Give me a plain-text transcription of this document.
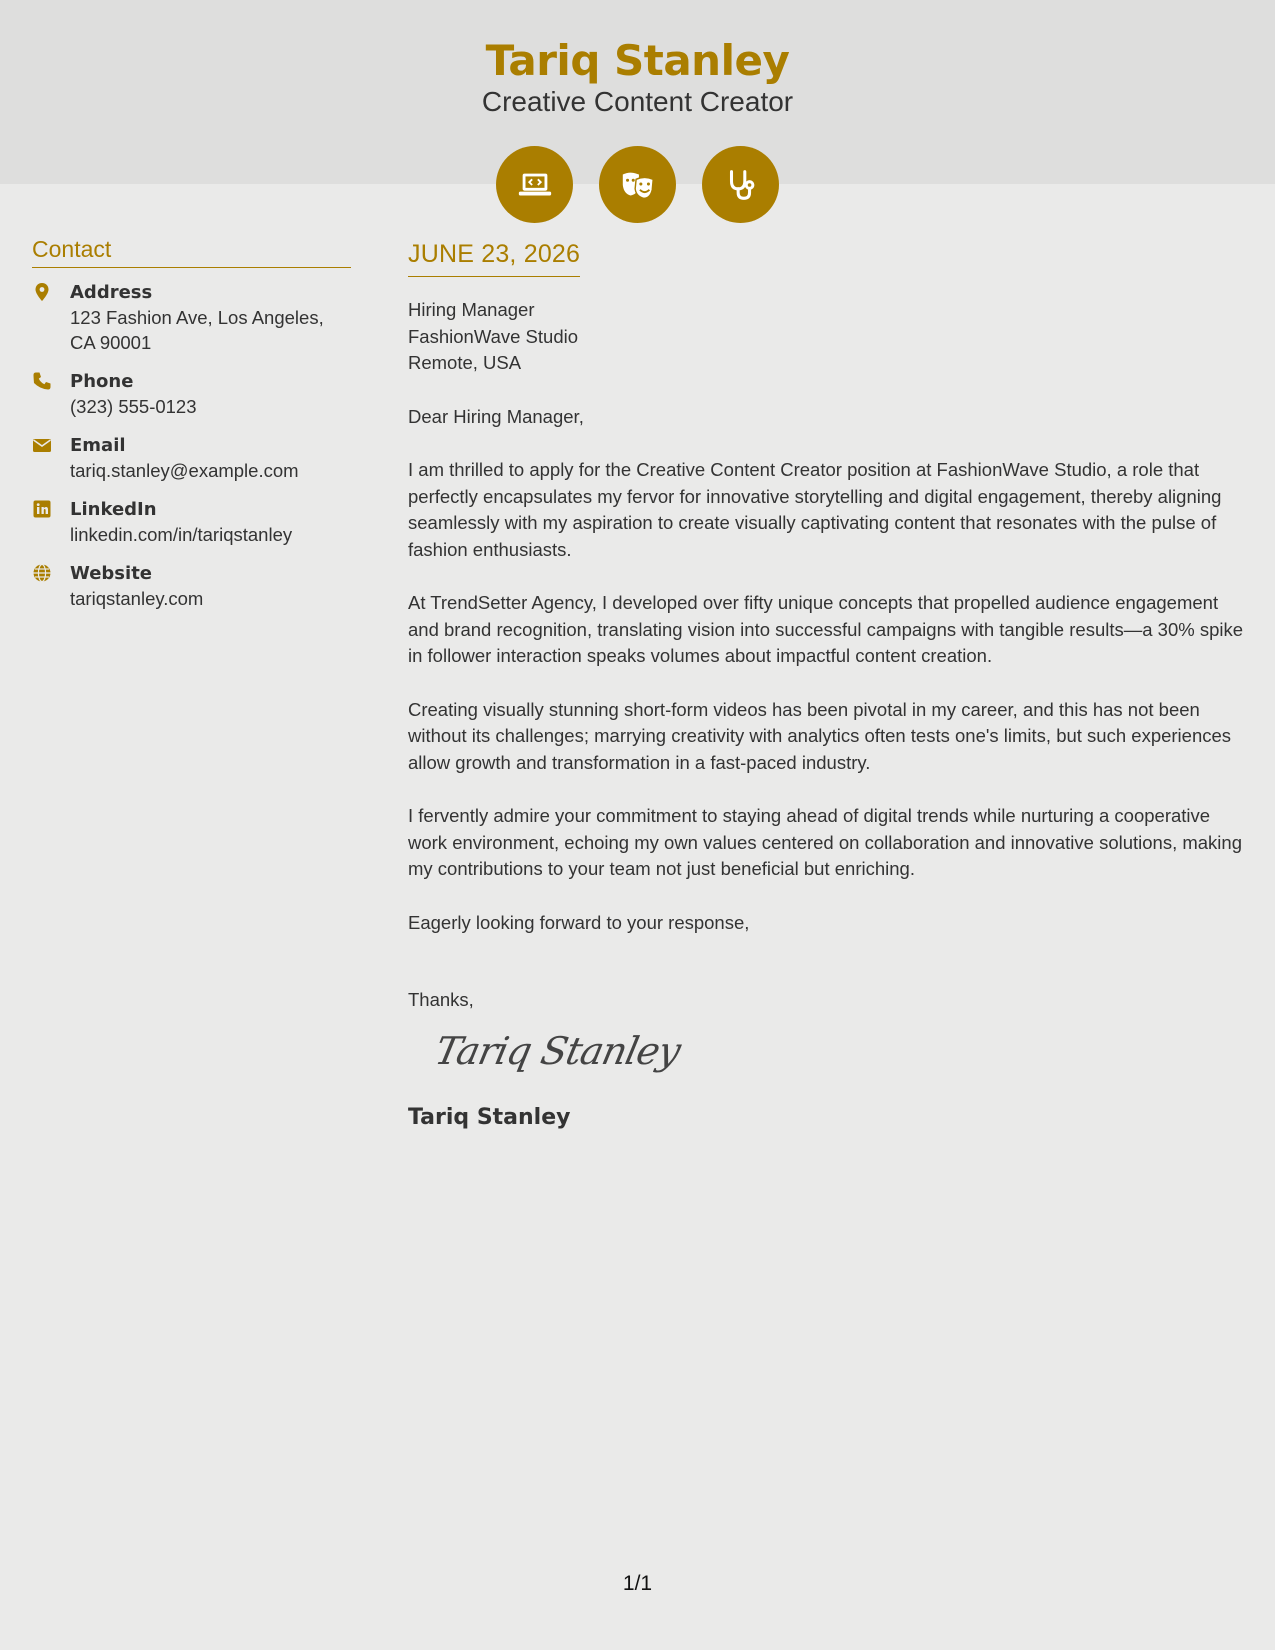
Tariq Stanley
Creative Content Creator
Contact
Address
123 Fashion Ave, Los Angeles, CA 90001
Phone
(323) 555-0123
Email
tariq.stanley@example.com
LinkedIn
linkedin.com/in/tariqstanley
Website
tariqstanley.com
JUNE 23, 2026
Hiring Manager
FashionWave Studio
Remote, USA

Dear Hiring Manager,

I am thrilled to apply for the Creative Content Creator position at FashionWave Studio, a role that perfectly encapsulates my fervor for innovative storytelling and digital engagement, thereby aligning seamlessly with my aspiration to create visually captivating content that resonates with the pulse of fashion enthusiasts.

At TrendSetter Agency, I developed over fifty unique concepts that propelled audience engagement and brand recognition, translating vision into successful campaigns with tangible results—a 30% spike in follower interaction speaks volumes about impactful content creation.

Creating visually stunning short-form videos has been pivotal in my career, and this has not been without its challenges; marrying creativity with analytics often tests one's limits, but such experiences allow growth and transformation in a fast-paced industry.

I fervently admire your commitment to staying ahead of digital trends while nurturing a cooperative work environment, echoing my own values centered on collaboration and innovative solutions, making my contributions to your team not just beneficial but enriching.

Eagerly looking forward to your response,

Thanks,
Tariq Stanley
Tariq Stanley
1/1
